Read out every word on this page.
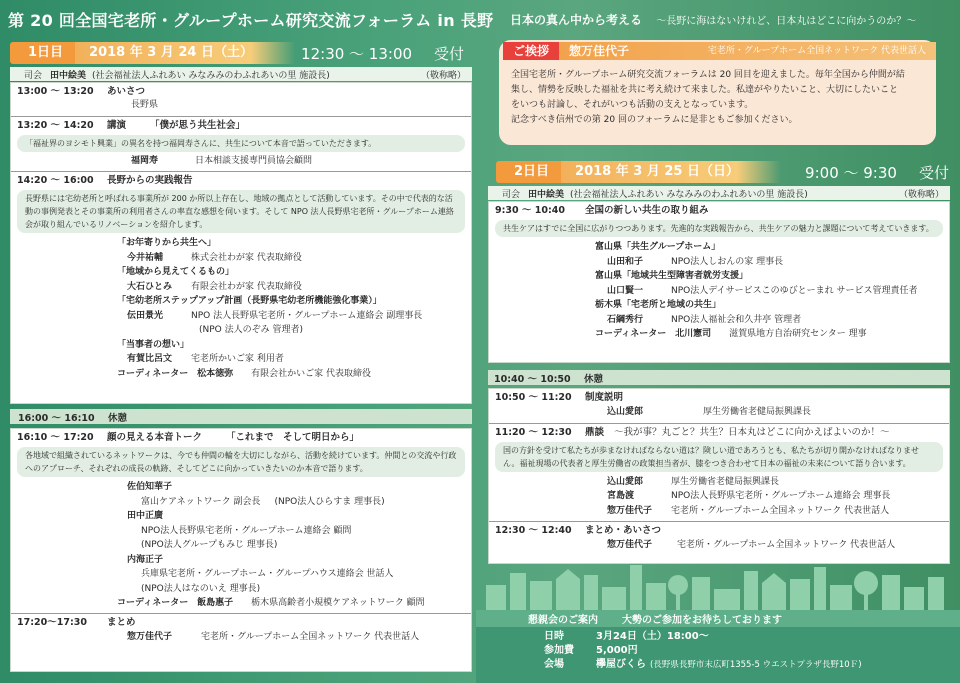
第 20 回全国宅老所・グループホーム研究交流フォーラム in 長野 日本の真ん中から考える 〜長野に海はないけれど、日本丸はどこに向かうのか？〜
1日目	2018 年 3 月 24 日（土）	12:30 〜 13:00 受付
司会 田中絵美 (社会福祉法人ふれあい みなみみのわふれあいの里 施設長)	（敬称略）
13:00 〜 13:20	あいさつ
長野県
13:20 〜 14:20	講演	「僕が思う共生社会」
「福祉界のヨシモト興業」の異名を持つ福岡寿さんに、共生について本音で語っていただきます。
福岡寿	日本相談支援専門員協会顧問
14:20 〜 16:00	長野からの実践報告
長野県には宅幼老所と呼ばれる事業所が 200 か所以上存在し、地域の拠点として活動しています。その中で代表的な活動の事例発表とその事業所の利用者さんの率直な感想を伺います。そして NPO 法人長野県宅老所・グループホーム連絡会が取り組んでいるリノベーションを紹介します。
「お年寄りから共生へ」
今井祐輔	株式会社わが家 代表取締役
「地域から見えてくるもの」
大石ひとみ 有限会社わが家 代表取締役
「宅幼老所ステップアップ計画（長野県宅幼老所機能強化事業）」
伝田景光	NPO 法人長野県宅老所・グループホーム連絡会 副理事長
(NPO 法人のぞみ 管理者)
「当事者の想い」
有賀比呂文 宅老所かいご家 利用者
コーディネーター 松本徳弥 有限会社かいご家 代表取締役
16:00 〜 16:10	休憩
16:10 〜 17:20	顔の見える本音トーク	「これまで　そして明日から」
各地域で組織されているネットワークは、今でも仲間の輪を大切にしながら、活動を続けています。仲間との交流や行政へのアプローチ、それぞれの成長の軌跡、そしてどこに向かっていきたいのか本音で語ります。
佐伯知華子
富山ケアネットワーク 副会長 (NPO法人ひらすま 理事長)
田中正廣
NPO法人長野県宅老所・グループホーム連絡会 顧問
(NPO法人グループもみじ 理事長)
内海正子
兵庫県宅老所・グループホーム・グループハウス連絡会 世話人
(NPO法人はなのいえ 理事長)
コーディネーター 飯島惠子 栃木県高齢者小規模ケアネットワーク 顧問
17:20〜17:30	まとめ
惣万佳代子	宅老所・グループホーム全国ネットワーク 代表世話人
ご挨拶	惣万佳代子	宅老所・グループホーム全国ネットワーク 代表世話人
全国宅老所・グループホーム研究交流フォーラムは 20 回目を迎えました。毎年全国から仲間が結
集し、情勢を反映した福祉を共に考え続けて来ました。私達がやりたいこと、大切にしたいこと
をいつも討論し、それがいつも活動の支えとなっています。
記念すべき信州での第 20 回のフォーラムに是非ともご参加ください。
2日目	2018 年 3 月 25 日（日）	9:00 〜 9:30 受付
司会 田中絵美 (社会福祉法人ふれあい みなみみのわふれあいの里 施設長)	（敬称略）
9:30 〜 10:40	全国の新しい共生の取り組み
共生ケアはすでに全国に広がりつつあります。先進的な実践報告から、共生ケアの魅力と課題について考えていきます。
富山県「共生グループホーム」
山田和子	NPO法人しおんの家 理事長
富山県「地域共生型障害者就労支援」
山口賢一	NPO法人デイサービスこのゆびとーまれ サービス管理責任者
栃木県「宅老所と地域の共生」
石綱秀行	NPO法人福祉会和久井亭 管理者
コーディネーター 北川憲司 滋賀県地方自治研究センター 理事
10:40 〜 10:50	休憩
10:50 〜 11:20	制度説明
込山愛郎	厚生労働省老健局振興課長
11:20 〜 12:30	鼎談 〜我が事？丸ごと？共生？日本丸はどこに向かえばよいのか！〜
国の方針を受けて私たちが歩まなければならない道は？険しい道であろうとも、私たちが切り開かなければなりません。福祉現場の代表者と厚生労働省の政策担当者が、膝をつき合わせて日本の福祉の未来について語り合います。
込山愛郎	厚生労働省老健局振興課長
宮島渡	NPO法人長野県宅老所・グループホーム連絡会 理事長
惣万佳代子 宅老所・グループホーム全国ネットワーク 代表世話人
12:30 〜 12:40	まとめ・あいさつ
惣万佳代子	宅老所・グループホーム全国ネットワーク 代表世話人
懇親会のご案内 大勢のご参加をお待ちしております
日時	3月24日（土）18:00〜
参加費	5,000円
会場	欅屋びくら (長野県長野市末広町1355-5 ウエストプラザ長野10Ｆ)
